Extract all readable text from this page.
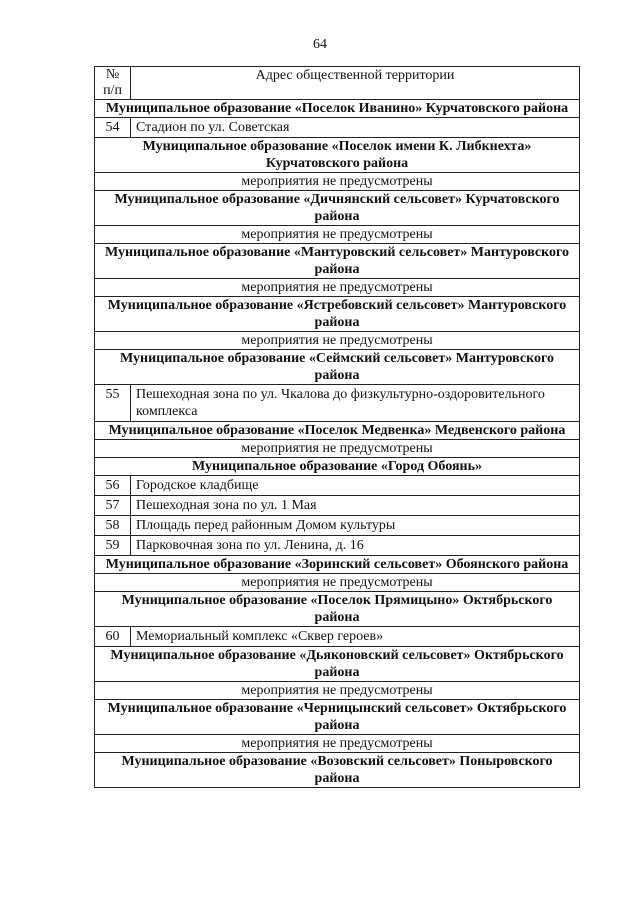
64
№ п/п	Адрес общественной территории
Муниципальное образование «Поселок Иванино» Курчатовского района	
54	Стадион по ул. Советская
Муниципальное образование «Поселок имени К. Либкнехта» Курчатовского района	
мероприятия не предусмотрены	
Муниципальное образование «Дичнянский сельсовет» Курчатовского района	
мероприятия не предусмотрены	
Муниципальное образование «Мантуровский сельсовет» Мантуровского района	
мероприятия не предусмотрены	
Муниципальное образование «Ястребовский сельсовет» Мантуровского района	
мероприятия не предусмотрены	
Муниципальное образование «Сеймский сельсовет» Мантуровского района	
55	Пешеходная зона по ул. Чкалова до физкультурно-оздоровительного комплекса
Муниципальное образование «Поселок Медвенка» Медвенского района	
мероприятия не предусмотрены	
Муниципальное образование «Город Обоянь»	
56	Городское кладбище
57	Пешеходная зона по ул. 1 Мая
58	Площадь перед районным Домом культуры
59	Парковочная зона по ул. Ленина, д. 16
Муниципальное образование «Зоринский сельсовет» Обоянского района	
мероприятия не предусмотрены	
Муниципальное образование «Поселок Прямицыно» Октябрьского района	
60	Мемориальный комплекс «Сквер героев»
Муниципальное образование «Дьяконовский сельсовет» Октябрьского района	
мероприятия не предусмотрены	
Муниципальное образование «Черницынский сельсовет» Октябрьского района	
мероприятия не предусмотрены	
Муниципальное образование «Возовский сельсовет» Поныровского района	
